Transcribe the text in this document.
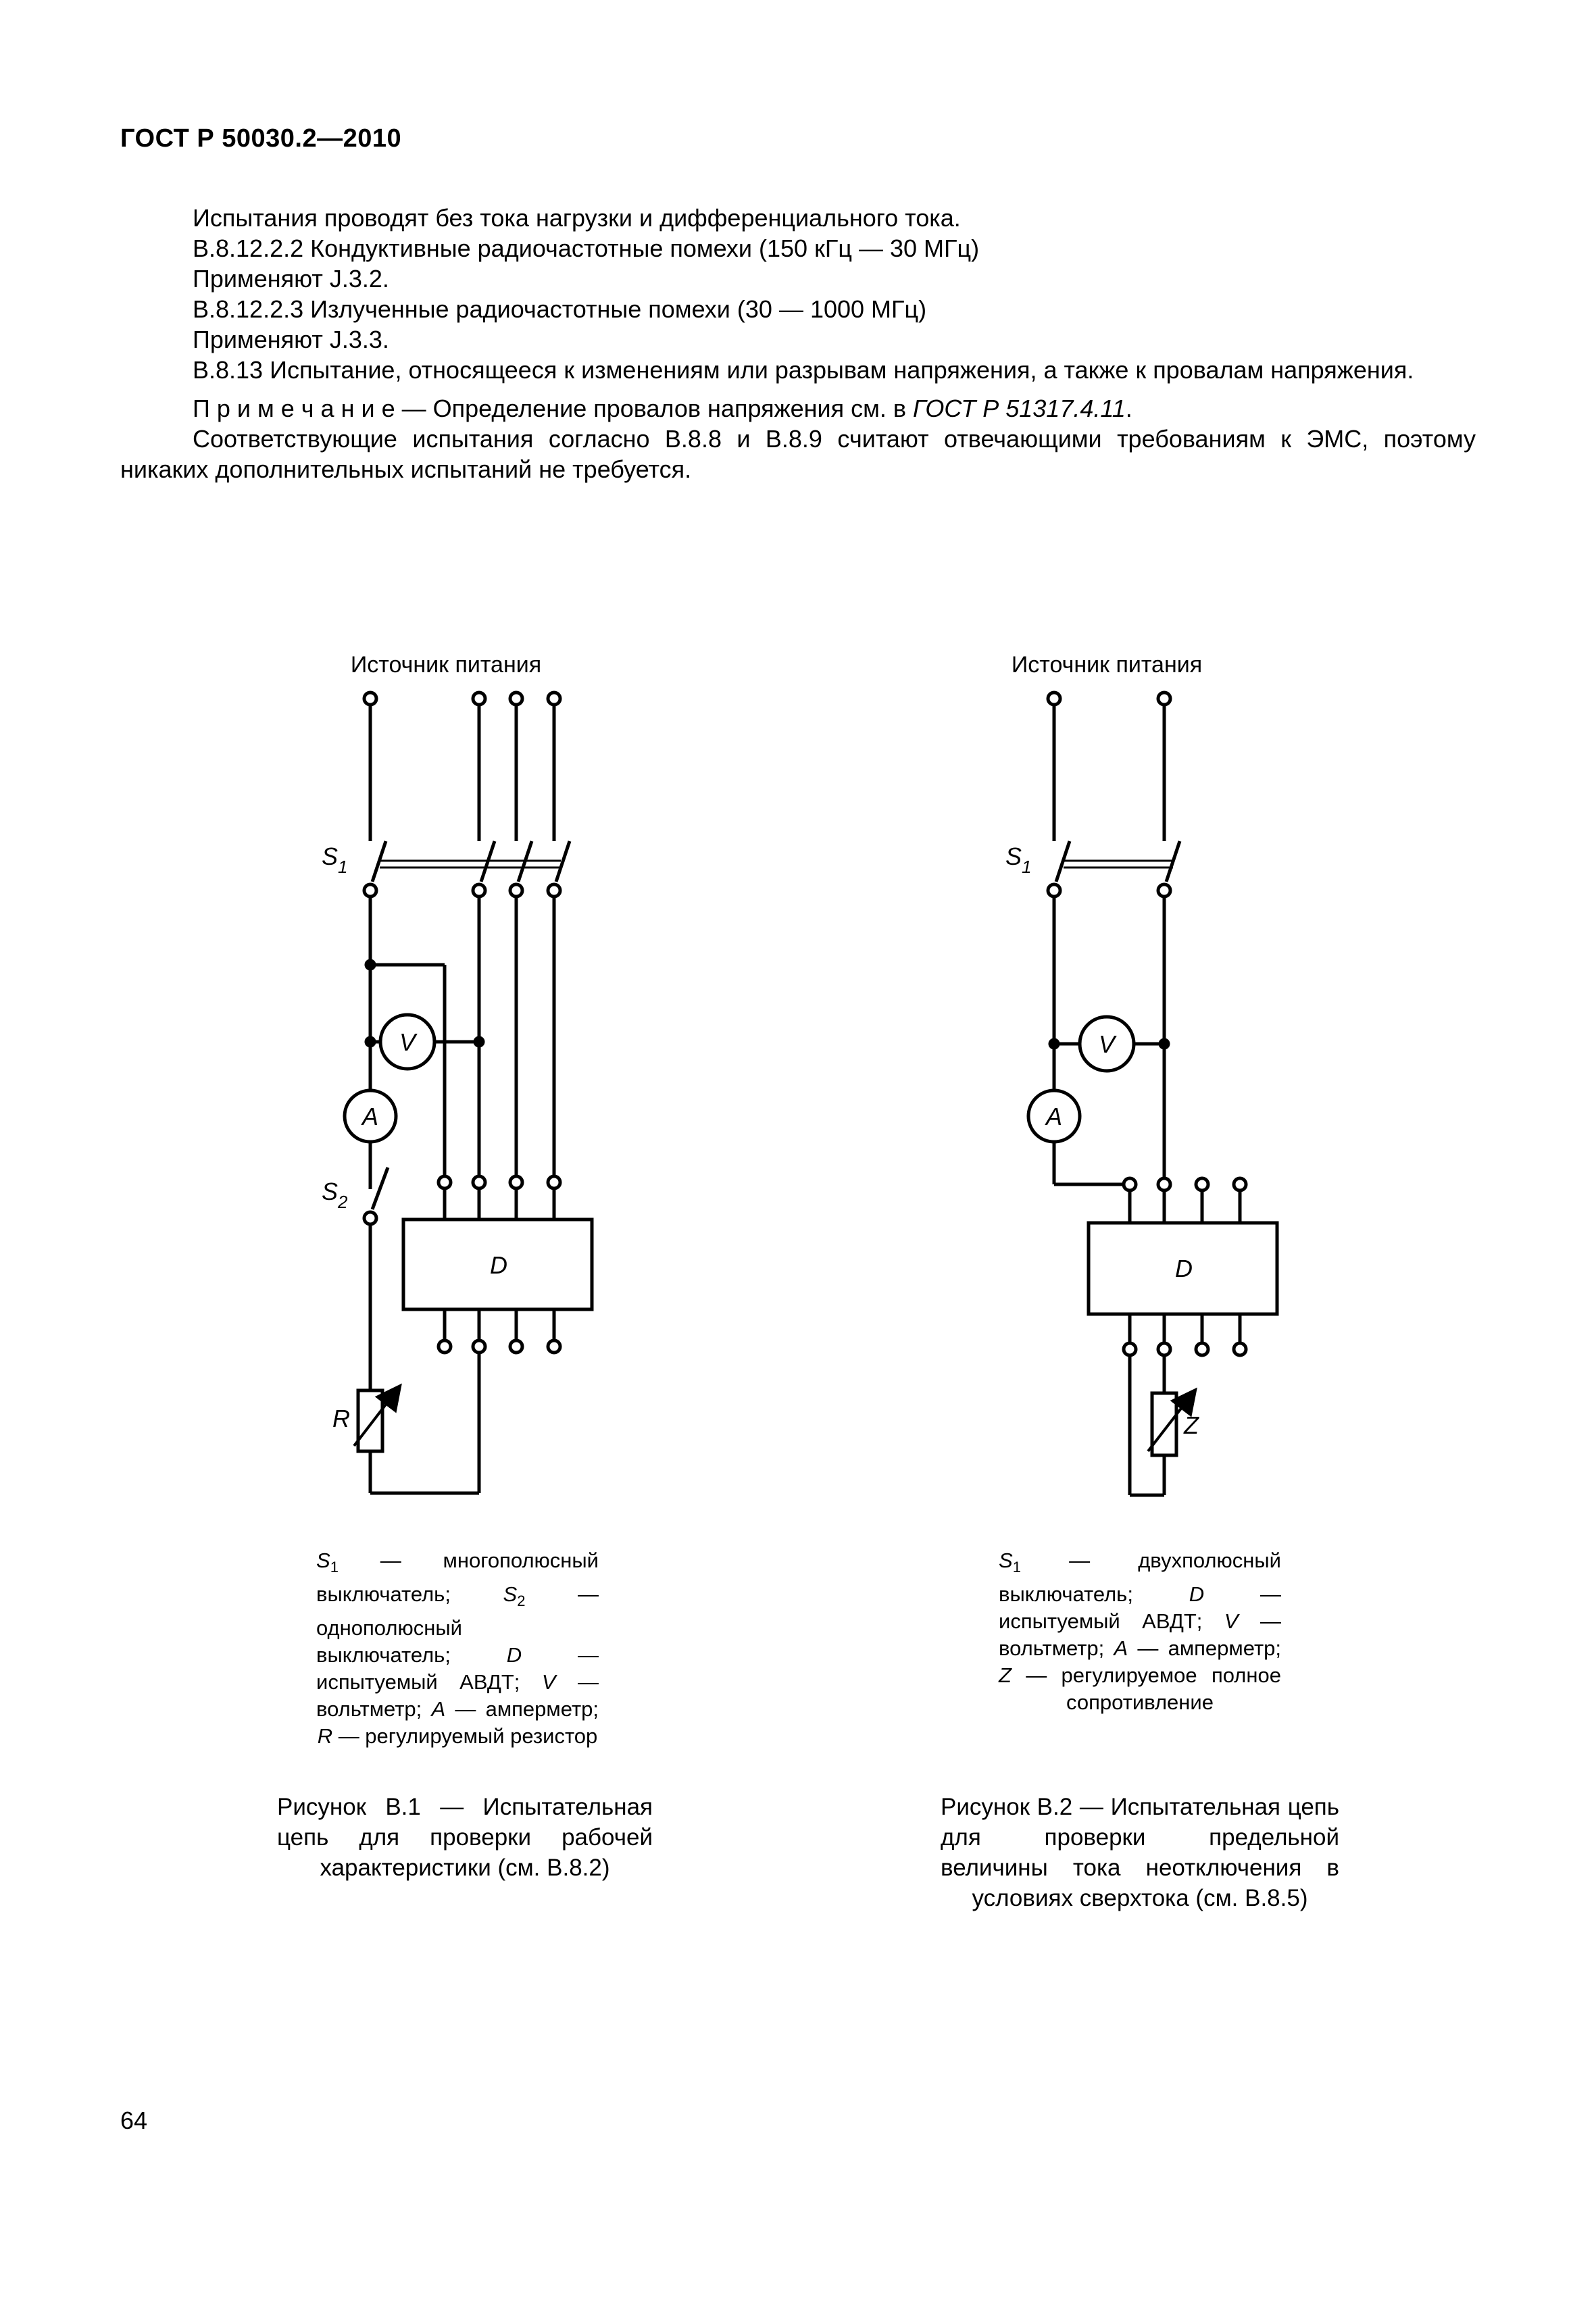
ГОСТ Р 50030.2—2010

Испытания проводят без тока нагрузки и дифференциального тока.

В.8.12.2.2 Кондуктивные радиочастотные помехи (150 кГц — 30 МГц)

Применяют J.3.2.

В.8.12.2.3 Излученные радиочастотные помехи (30 — 1000 МГц)

Применяют J.3.3.

В.8.13 Испытание, относящееся к изменениям или разрывам напряжения, а также к провалам напряжения.

П р и м е ч а н и е — Определение провалов напряжения см. в ГОСТ Р 51317.4.11.

Соответствующие испытания согласно В.8.8 и В.8.9 считают отвечающими требованиям к ЭМС, поэтому никаких дополнительных испытаний не требуется.

Источник питания
$S_1$
V
A
$S_2$
D
R
Источник питания
$S_1$
V
A
D
Z
$S_1$ — многополюсный выключатель; $S_2$ — однополюсный выключатель; D — испытуемый АВДТ; V — вольтметр; A — амперметр; R — регулируемый резистор
Рисунок В.1 — Испытательная цепь для проверки рабочей характеристики (см. В.8.2)
$S_1$ — двухполюсный выключатель; D — испытуемый АВДТ; V — вольтметр; A — амперметр; Z — регулируемое полное сопротивление
Рисунок В.2 — Испытательная цепь для проверки предельной величины тока неотключения в условиях сверхтока (см. В.8.5)
64
